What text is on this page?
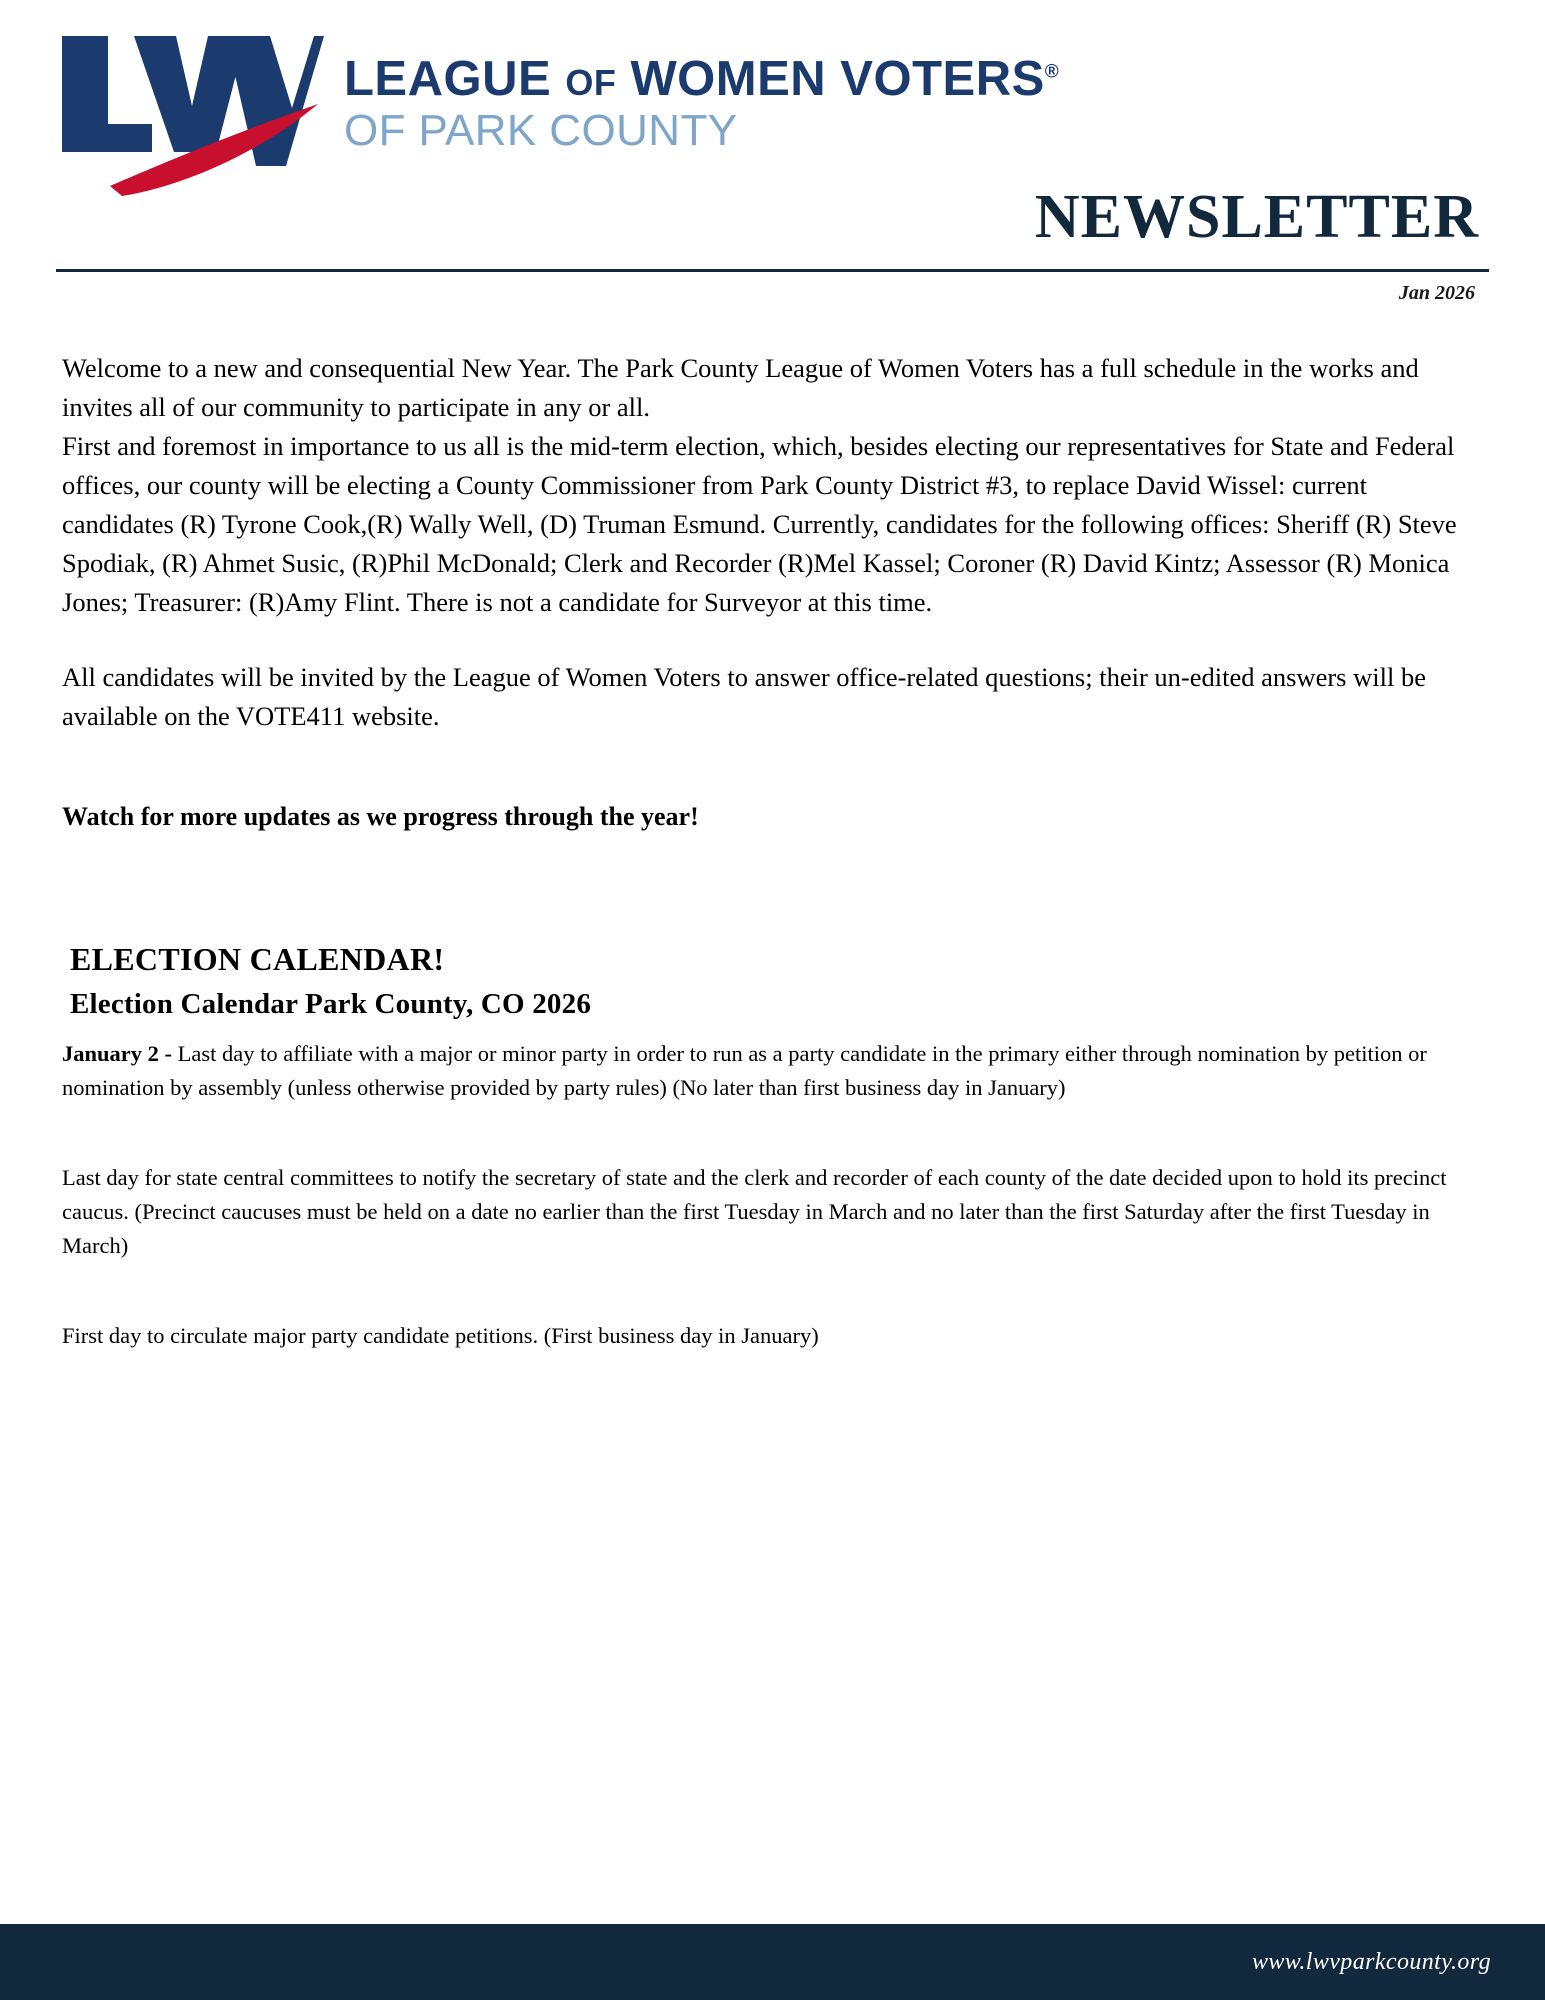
LEAGUE OF WOMEN VOTERS®
OF PARK COUNTY
NEWSLETTER
Jan 2026

Welcome to a new and consequential New Year. The Park County League of Women Voters has a full schedule in the works and invites all of our community to participate in any or all.

First and foremost in importance to us all is the mid-term election, which, besides electing our representatives for State and Federal offices, our county will be electing a County Commissioner from Park County District #3, to replace David Wissel: current candidates (R) Tyrone Cook,(R) Wally Well, (D) Truman Esmund. Currently, candidates for the following offices: Sheriff (R) Steve Spodiak, (R) Ahmet Susic, (R)Phil McDonald; Clerk and Recorder (R)Mel Kassel; Coroner (R) David Kintz; Assessor (R) Monica Jones; Treasurer: (R)Amy Flint. There is not a candidate for Surveyor at this time.

All candidates will be invited by the League of Women Voters to answer office-related questions; their un-edited answers will be available on the VOTE411 website.

Watch for more updates as we progress through the year!

ELECTION CALENDAR!
Election Calendar Park County, CO 2026

January 2 - Last day to affiliate with a major or minor party in order to run as a party candidate in the primary either through nomination by petition or nomination by assembly (unless otherwise provided by party rules) (No later than first business day in January)

Last day for state central committees to notify the secretary of state and the clerk and recorder of each county of the date decided upon to hold its precinct caucus. (Precinct caucuses must be held on a date no earlier than the first Tuesday in March and no later than the first Saturday after the first Tuesday in March)

First day to circulate major party candidate petitions. (First business day in January)

www.lwvparkcounty.org
